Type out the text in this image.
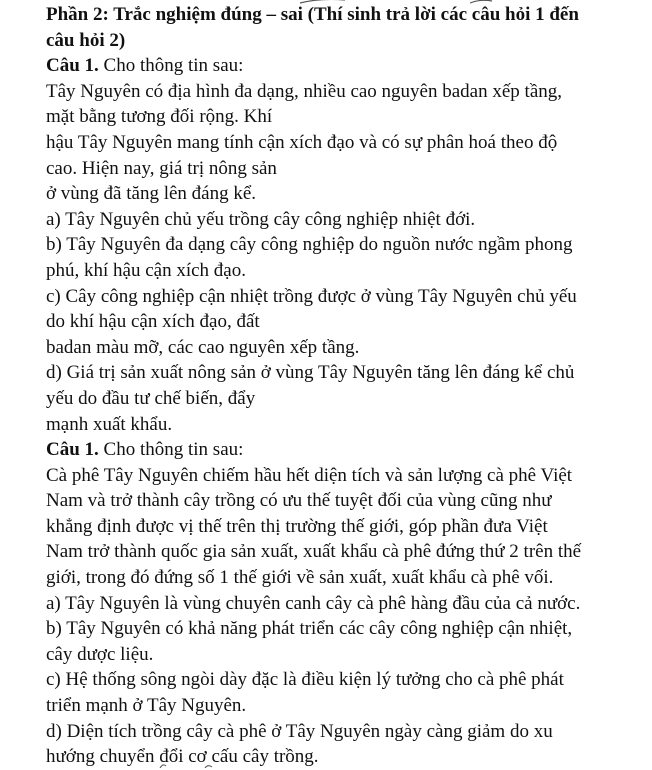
Phần 2: Trắc nghiệm đúng – sai (Thí sinh trả lời các câu hỏi 1 đến
câu hỏi 2)
Câu 1. Cho thông tin sau:
Tây Nguyên có địa hình đa dạng, nhiều cao nguyên badan xếp tầng,
mặt bằng tương đối rộng. Khí
hậu Tây Nguyên mang tính cận xích đạo và có sự phân hoá theo độ
cao. Hiện nay, giá trị nông sản
ở vùng đã tăng lên đáng kể.
a) Tây Nguyên chủ yếu trồng cây công nghiệp nhiệt đới.
b) Tây Nguyên đa dạng cây công nghiệp do nguồn nước ngầm phong
phú, khí hậu cận xích đạo.
c) Cây công nghiệp cận nhiệt trồng được ở vùng Tây Nguyên chủ yếu
do khí hậu cận xích đạo, đất
badan màu mỡ, các cao nguyên xếp tầng.
d) Giá trị sản xuất nông sản ở vùng Tây Nguyên tăng lên đáng kể chủ
yếu do đầu tư chế biến, đẩy
mạnh xuất khẩu.
Câu 1. Cho thông tin sau:
Cà phê Tây Nguyên chiếm hầu hết diện tích và sản lượng cà phê Việt
Nam và trở thành cây trồng có ưu thế tuyệt đối của vùng cũng như
khẳng định được vị thế trên thị trường thế giới, góp phần đưa Việt
Nam trở thành quốc gia sản xuất, xuất khẩu cà phê đứng thứ 2 trên thế
giới, trong đó đứng số 1 thế giới về sản xuất, xuất khẩu cà phê vối.
a) Tây Nguyên là vùng chuyên canh cây cà phê hàng đầu của cả nước.
b) Tây Nguyên có khả năng phát triển các cây công nghiệp cận nhiệt,
cây dược liệu.
c) Hệ thống sông ngòi dày đặc là điều kiện lý tưởng cho cà phê phát
triển mạnh ở Tây Nguyên.
d) Diện tích trồng cây cà phê ở Tây Nguyên ngày càng giảm do xu
hướng chuyển đổi cơ cấu cây trồng.
